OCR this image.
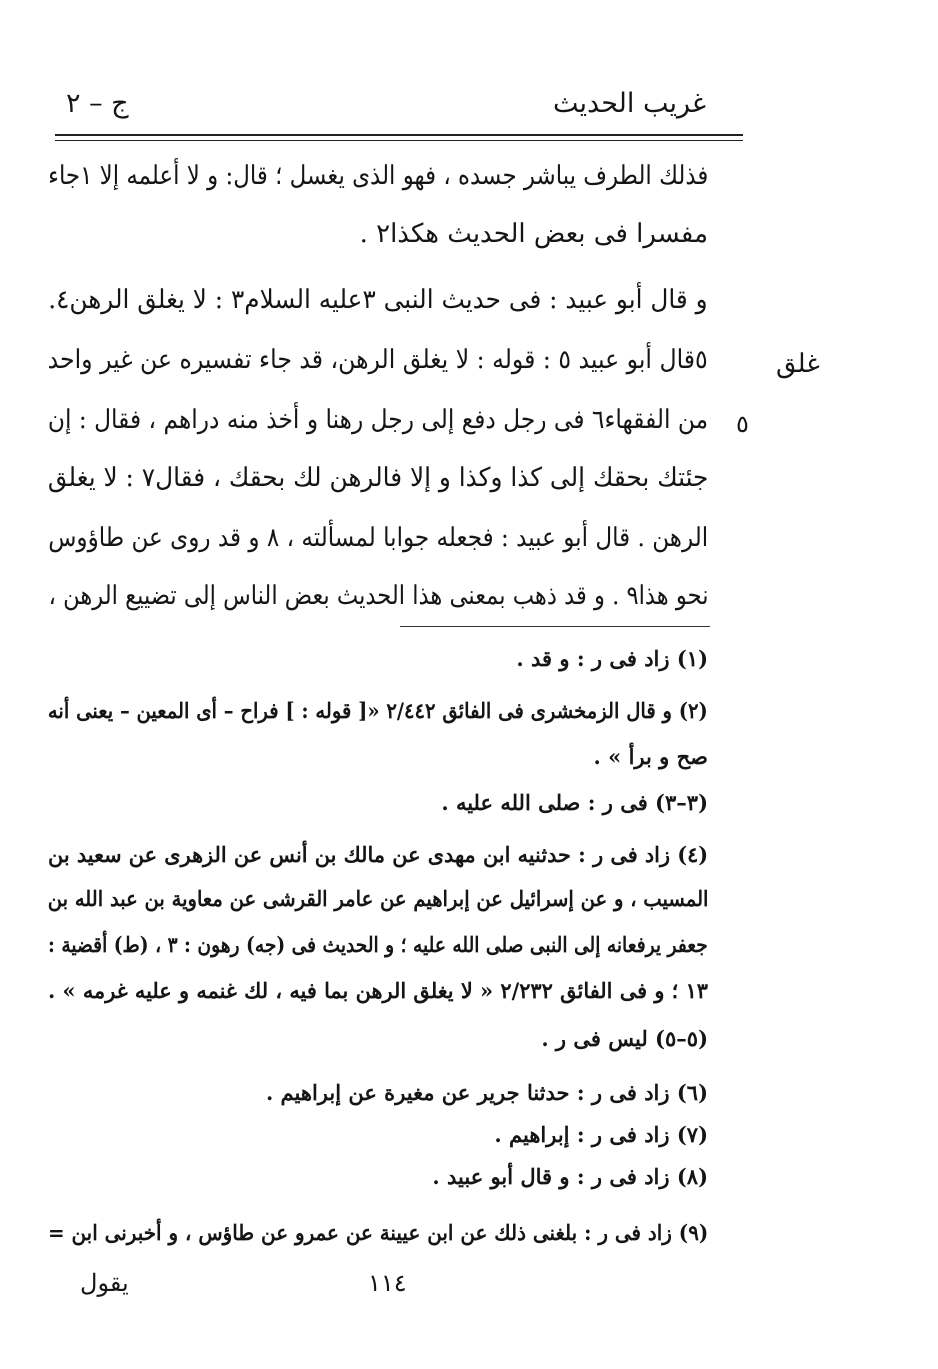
غريب الحديث
ج – ٢
غلق
٥
فذلك الطرف يباشر جسده ، فهو الذى يغسل ؛ قال: و لا أعلمه إلا ١جاء
مفسرا فى بعض الحديث هكذا٢ .
و قال أبو عبيد : فى حديث النبى ٣عليه السلام٣ : لا يغلق الرهن٤.
٥قال أبو عبيد ٥ : قوله : لا يغلق الرهن، قد جاء تفسيره عن غير واحد
من الفقهاء٦ فى رجل دفع إلى رجل رهنا و أخذ منه دراهم ، فقال : إن
جئتك بحقك إلى كذا وكذا و إلا فالرهن لك بحقك ، فقال٧ : لا يغلق
الرهن . قال أبو عبيد : فجعله جوابا لمسألته ، ٨ و قد روى عن طاؤوس
نحو هذا٩ . و قد ذهب بمعنى هذا الحديث بعض الناس إلى تضييع الرهن ،
(١) زاد فى ر : و قد .
(٢) و قال الزمخشرى فى الفائق ٢/٤٤٢ «[ قوله : ] فراح – أى المعين – يعنى أنه
صح و برأ » .
(٣–٣) فى ر : صلى الله عليه .
(٤) زاد فى ر : حدثنيه ابن مهدى عن مالك بن أنس عن الزهرى عن سعيد بن
المسيب ، و عن إسرائيل عن إبراهيم عن عامر القرشى عن معاوية بن عبد الله بن
جعفر يرفعانه إلى النبى صلى الله عليه ؛ و الحديث فى (جه) رهون : ٣ ، (ط) أقضية :
١٣ ؛ و فى الفائق ٢/٢٣٢ « لا يغلق الرهن بما فيه ، لك غنمه و عليه غرمه » .
(٥–٥) ليس فى ر .
(٦) زاد فى ر : حدثنا جرير عن مغيرة عن إبراهيم .
(٧) زاد فى ر : إبراهيم .
(٨) زاد فى ر : و قال أبو عبيد .
(٩) زاد فى ر : بلغنى ذلك عن ابن عيينة عن عمرو عن طاؤس ، و أخبرنى ابن =
١١٤
يقول
